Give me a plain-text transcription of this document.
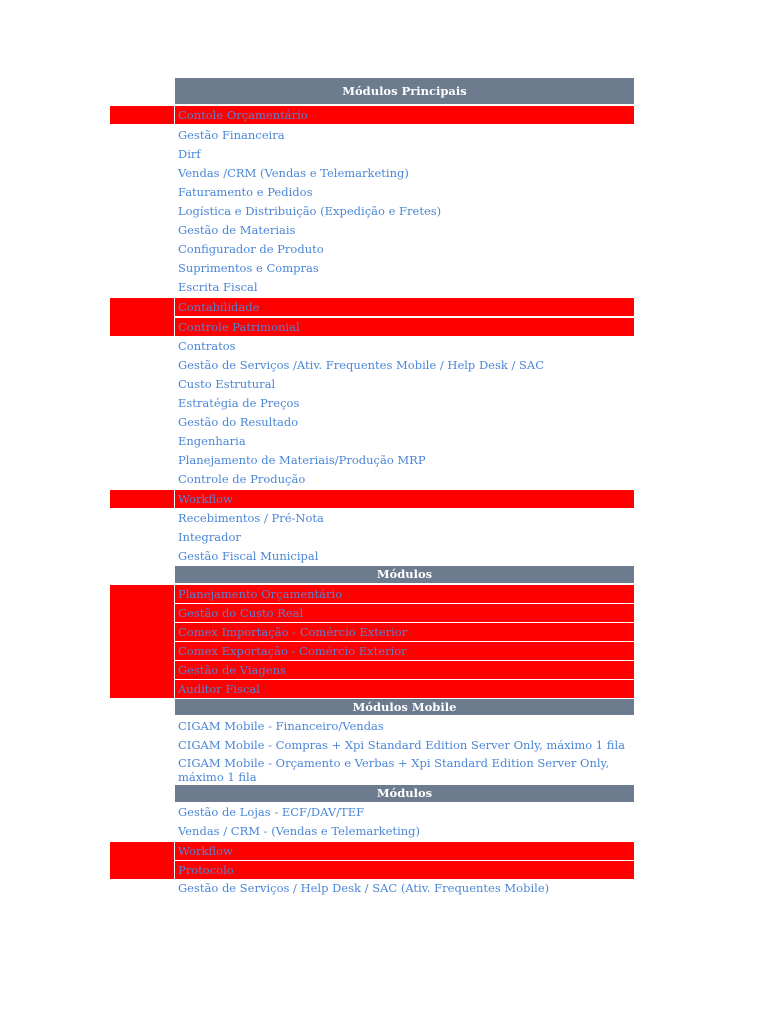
Módulos Principais
Contole Orçamentário
Gestão Financeira
Dirf
Vendas /CRM (Vendas e Telemarketing)
Faturamento e Pedidos
Logística e Distribuição (Expedição e Fretes)
Gestão de Materiais
Configurador de Produto
Suprimentos e Compras
Escrita Fiscal
Contabilidade
Controle Patrimonial
Contratos
Gestão de Serviços /Ativ. Frequentes Mobile / Help Desk / SAC
Custo Estrutural
Estratégia de Preços
Gestão do Resultado
Engenharia
Planejamento de Materiais/Produção MRP
Controle de Produção
Workflow
Recebimentos / Pré-Nota
Integrador
Gestão Fiscal Municipal
Módulos
Planejamento Orçamentário
Gestão do Custo Real
Comex Importação - Comércio Exterior
Comex Exportação - Comércio Exterior
Gestão de Viagens
Auditor Fiscal
Módulos Mobile
CIGAM Mobile - Financeiro/Vendas
CIGAM Mobile - Compras + Xpi Standard Edition Server Only, máximo 1 fila
CIGAM Mobile - Orçamento e Verbas + Xpi Standard Edition Server Only, máximo 1 fila
Módulos
Gestão de Lojas - ECF/DAV/TEF
Vendas / CRM - (Vendas e Telemarketing)
Workflow
Protocolo
Gestão de Serviços / Help Desk / SAC (Ativ. Frequentes Mobile)
